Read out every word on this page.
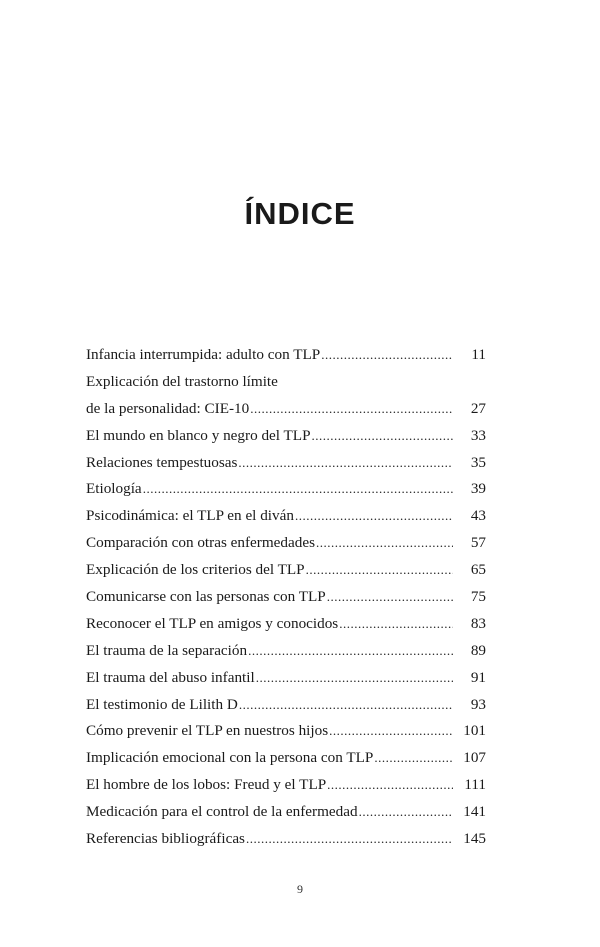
ÍNDICE
Infancia interrumpida: adulto con TLP .....	11
Explicación del trastorno límite
de la personalidad: CIE-10 .....	27
El mundo en blanco y negro del TLP .....	33
Relaciones tempestuosas .....	35
Etiología .....	39
Psicodinámica: el TLP en el diván .....	43
Comparación con otras enfermedades .....	57
Explicación de los criterios del TLP .....	65
Comunicarse con las personas con TLP .....	75
Reconocer el TLP en amigos y conocidos .....	83
El trauma de la separación .....	89
El trauma del abuso infantil .....	91
El testimonio de Lilith D .....	93
Cómo prevenir el TLP en nuestros hijos .....	101
Implicación emocional con la persona con TLP .....	107
El hombre de los lobos: Freud y el TLP .....	111
Medicación para el control de la enfermedad .....	141
Referencias bibliográficas .....	145
9
